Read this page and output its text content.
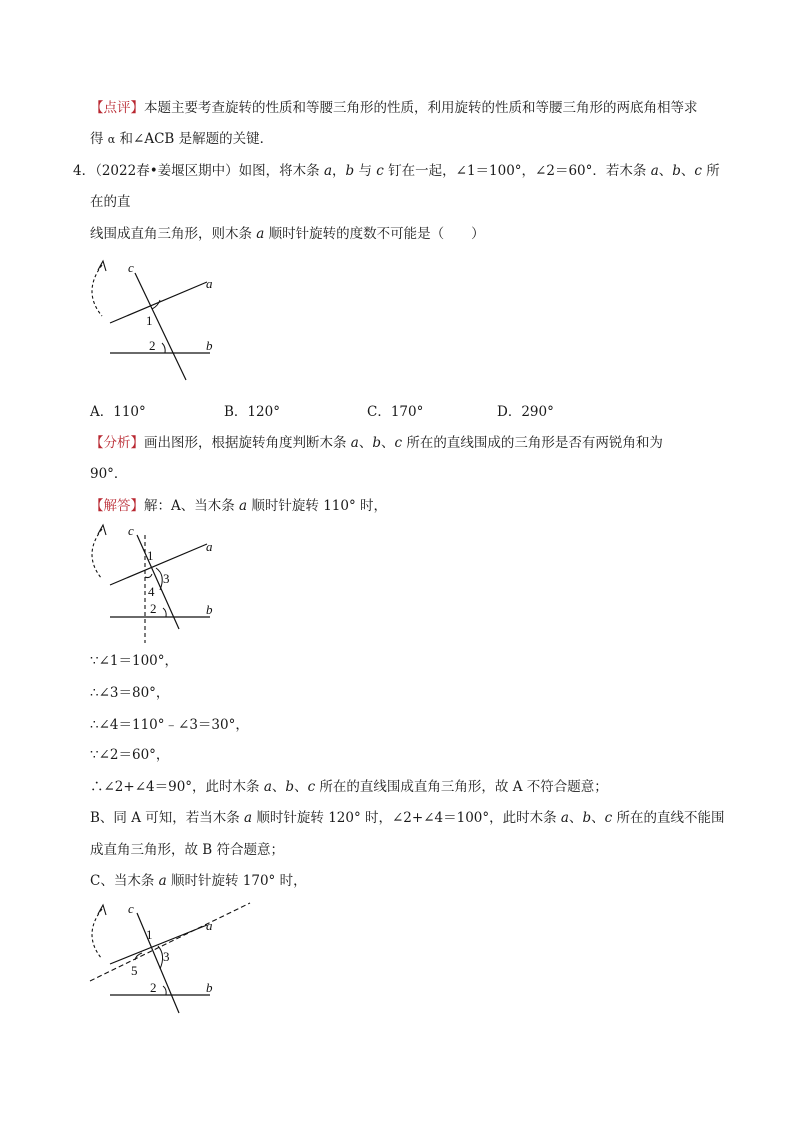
【点评】本题主要考查旋转的性质和等腰三角形的性质，利用旋转的性质和等腰三角形的两底角相等求
得 α 和∠ACB 是解题的关键．
4．（2022春•姜堰区期中）如图，将木条 a，b 与 c 钉在一起，∠1＝100°，∠2＝60°．若木条 a、b、c 所
在的直
线围成直角三角形，则木条 a 顺时针旋转的度数不可能是（　　）
c
a
b
1
2
A．110°	B．120°	C．170°	D．290°
【分析】画出图形，根据旋转角度判断木条 a、b、c 所在的直线围成的三角形是否有两锐角和为
90°．
【解答】解：A、当木条 a 顺时针旋转 110° 时，
c
a
b
1
3
4
2
∵∠1＝100°，
∴∠3＝80°，
∴∠4＝110°﹣∠3＝30°，
∵∠2＝60°，
∴∠2+∠4＝90°，此时木条 a、b、c 所在的直线围成直角三角形，故 A 不符合题意；
B、同 A 可知，若当木条 a 顺时针旋转 120° 时，∠2+∠4＝100°，此时木条 a、b、c 所在的直线不能围
成直角三角形，故 B 符合题意；
C、当木条 a 顺时针旋转 170° 时，
c
a
b
1
3
5
2
